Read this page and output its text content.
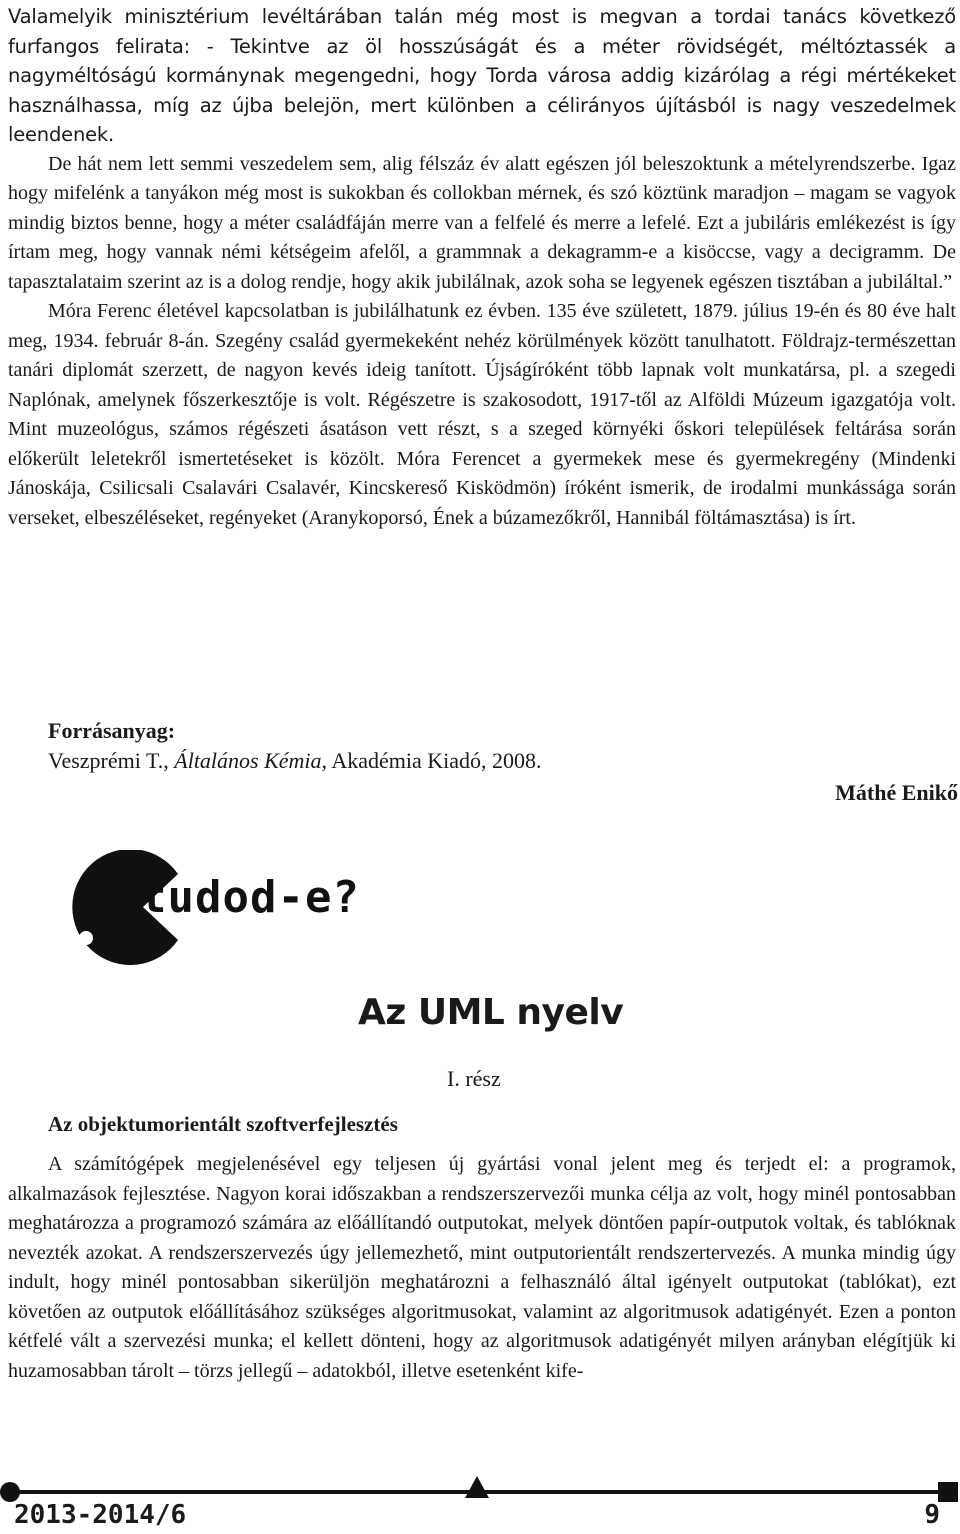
Valamelyik minisztérium levéltárában talán még most is megvan a tordai tanács következő furfangos felirata: - Tekintve az öl hosszúságát és a méter rövidségét, méltóztassék a nagyméltóságú kormánynak megengedni, hogy Torda városa addig kizárólag a régi mértékeket használhassa, míg az újba belejön, mert különben a célirányos újításból is nagy veszedelmek leendenek.

De hát nem lett semmi veszedelem sem, alig félszáz év alatt egészen jól beleszoktunk a mételyrendszerbe. Igaz hogy mifelénk a tanyákon még most is sukokban és collokban mérnek, és szó köztünk maradjon – magam se vagyok mindig biztos benne, hogy a méter családfáján merre van a felfelé és merre a lefelé. Ezt a jubiláris emlékezést is így írtam meg, hogy vannak némi kétségeim afelől, a grammnak a dekagramm-e a kisöccse, vagy a decigramm. De tapasztalataim szerint az is a dolog rendje, hogy akik jubilálnak, azok soha se legyenek egészen tisztában a jubiláltal.”

Móra Ferenc életével kapcsolatban is jubilálhatunk ez évben. 135 éve született, 1879. július 19-én és 80 éve halt meg, 1934. február 8-án. Szegény család gyermekeként nehéz körülmények között tanulhatott. Földrajz-természettan tanári diplomát szerzett, de nagyon kevés ideig tanított. Újságíróként több lapnak volt munkatársa, pl. a szegedi Naplónak, amelynek főszerkesztője is volt. Régészetre is szakosodott, 1917-től az Alföldi Múzeum igazgatója volt. Mint muzeológus, számos régészeti ásatáson vett részt, s a szeged környéki őskori települések feltárása során előkerült leletekről ismertetéseket is közölt. Móra Ferencet a gyermekek mese és gyermekregény (Mindenki Jánoskája, Csilicsali Csalavári Csalavér, Kincskereső Kisködmön) íróként ismerik, de irodalmi munkássága során verseket, elbeszéléseket, regényeket (Aranykoporsó, Ének a búzamezőkről, Hannibál föltámasztása) is írt.

Forrásanyag:
Veszprémi T., Általános Kémia, Akadémia Kiadó, 2008.
Máthé Enikő
tudod-e?
Az UML nyelv
I. rész
Az objektumorientált szoftverfejlesztés

A számítógépek megjelenésével egy teljesen új gyártási vonal jelent meg és terjedt el: a programok, alkalmazások fejlesztése. Nagyon korai időszakban a rendszerszervezői munka célja az volt, hogy minél pontosabban meghatározza a programozó számára az előállítandó outputokat, melyek döntően papír-outputok voltak, és tablóknak nevezték azokat. A rendszerszervezés úgy jellemezhető, mint outputorientált rendszertervezés. A munka mindig úgy indult, hogy minél pontosabban sikerüljön meghatározni a felhasználó által igényelt outputokat (tablókat), ezt követően az outputok előállításához szükséges algoritmusokat, valamint az algoritmusok adatigényét. Ezen a ponton kétfelé vált a szervezési munka; el kellett dönteni, hogy az algoritmusok adatigényét milyen arányban elégítjük ki huzamosabban tárolt – törzs jellegű – adatokból, illetve esetenként kife-

2013-2014/6	9
